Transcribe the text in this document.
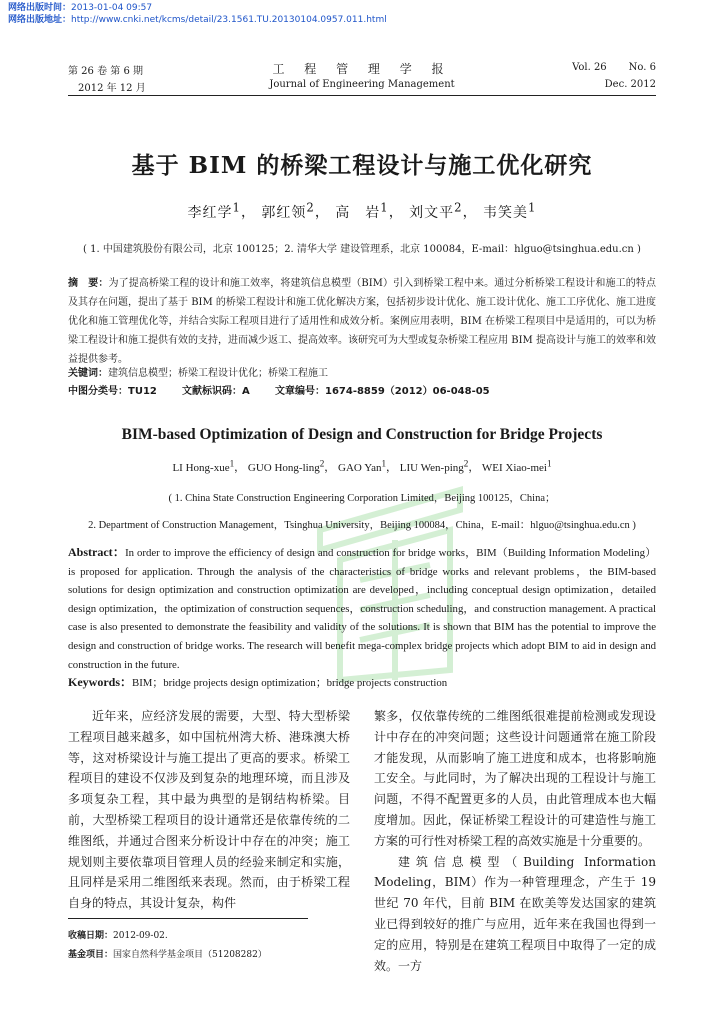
网络出版时间：2013-01-04 09:57
网络出版地址：http://www.cnki.net/kcms/detail/23.1561.TU.20130104.0957.011.html
第 26 卷 第 6 期	工 程 管 理 学 报	Vol. 26 No. 6
2012 年 12 月	Journal of Engineering Management	Dec. 2012
基于 BIM 的桥梁工程设计与施工优化研究
李红学$^1$， 郭红领$^2$， 高　岩$^1$， 刘文平$^2$， 韦笑美$^1$
( 1. 中国建筑股份有限公司，北京 100125；2. 清华大学 建设管理系，北京 100084，E-mail：hlguo@tsinghua.edu.cn )

摘　要：为了提高桥梁工程的设计和施工效率，将建筑信息模型（BIM）引入到桥梁工程中来。通过分析桥梁工程设计和施工的特点及其存在问题，提出了基于 BIM 的桥梁工程设计和施工优化解决方案，包括初步设计优化、施工设计优化、施工工序优化、施工进度优化和施工管理优化等，并结合实际工程项目进行了适用性和成效分析。案例应用表明，BIM 在桥梁工程项目中是适用的，可以为桥梁工程设计和施工提供有效的支持，进而减少返工、提高效率。该研究可为大型或复杂桥梁工程应用 BIM 提高设计与施工的效率和效益提供参考。

关键词：建筑信息模型；桥梁工程设计优化；桥梁工程施工

中图分类号：TU12	文献标识码：A	文章编号：1674-8859（2012）06-048-05

BIM-based Optimization of Design and Construction for Bridge Projects
LI Hong-xue$^1$， GUO Hong-ling$^2$， GAO Yan$^1$， LIU Wen-ping$^2$， WEI Xiao-mei$^1$
( 1. China State Construction Engineering Corporation Limited，Beijing 100125，China；
2. Department of Construction Management，Tsinghua University，Beijing 100084，China，E-mail：hlguo@tsinghua.edu.cn )

Abstract：In order to improve the efficiency of design and construction for bridge works，BIM（Building Information Modeling）is proposed for application. Through the analysis of the characteristics of bridge works and relevant problems，the BIM-based solutions for design optimization and construction optimization are developed，including conceptual design optimization，detailed design optimization，the optimization of construction sequences，construction scheduling，and construction management. A practical case is also presented to demonstrate the feasibility and validity of the solutions. It is shown that BIM has the potential to improve the design and construction of bridge works. The research will benefit mega-complex bridge projects which adopt BIM to aid in design and construction in the future.

Keywords：BIM；bridge projects design optimization；bridge projects construction

近年来，应经济发展的需要，大型、特大型桥梁工程项目越来越多，如中国杭州湾大桥、港珠澳大桥等，这对桥梁设计与施工提出了更高的要求。桥梁工程项目的建设不仅涉及到复杂的地理环境，而且涉及多项复杂工程，其中最为典型的是钢结构桥梁。目前，大型桥梁工程项目的设计通常还是依靠传统的二维图纸，并通过合图来分析设计中存在的冲突；施工规划则主要依靠项目管理人员的经验来制定和实施，且同样是采用二维图纸来表现。然而，由于桥梁工程自身的特点，其设计复杂，构件

繁多，仅依靠传统的二维图纸很难提前检测或发现设计中存在的冲突问题；这些设计问题通常在施工阶段才能发现，从而影响了施工进度和成本，也将影响施工安全。与此同时，为了解决出现的工程设计与施工问题，不得不配置更多的人员，由此管理成本也大幅度增加。因此，保证桥梁工程设计的可建造性与施工方案的可行性对桥梁工程的高效实施是十分重要的。

建筑信息模型（Building Information Modeling，BIM）作为一种管理理念，产生于 19 世纪 70 年代，目前 BIM 在欧美等发达国家的建筑业已得到较好的推广与应用，近年来在我国也得到一定的应用，特别是在建筑工程项目中取得了一定的成效。一方

收稿日期：2012-09-02.
基金项目：国家自然科学基金项目（51208282）
